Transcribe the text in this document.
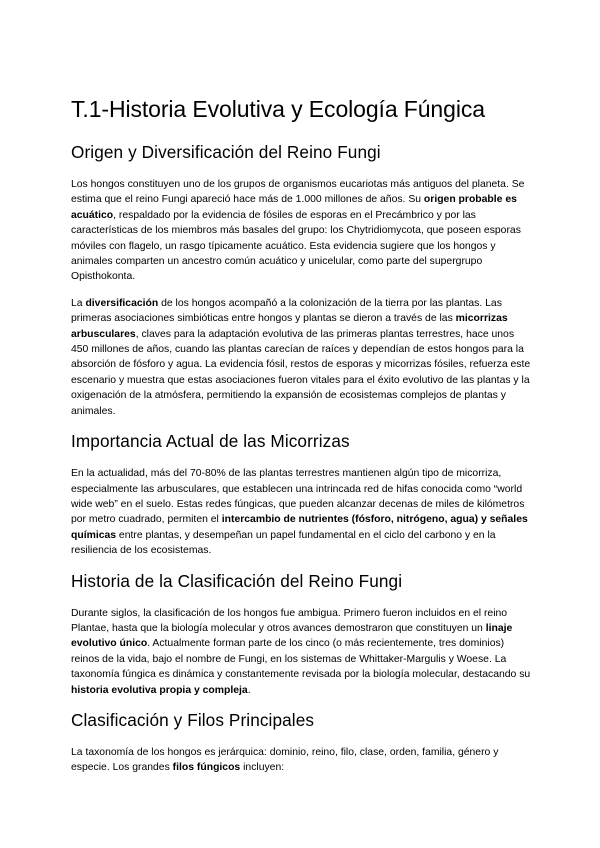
T.1-Historia Evolutiva y Ecología Fúngica
Origen y Diversificación del Reino Fungi

Los hongos constituyen uno de los grupos de organismos eucariotas más antiguos del planeta. Se estima que el reino Fungi apareció hace más de 1.000 millones de años. Su origen probable es acuático, respaldado por la evidencia de fósiles de esporas en el Precámbrico y por las características de los miembros más basales del grupo: los Chytridiomycota, que poseen esporas móviles con flagelo, un rasgo típicamente acuático. Esta evidencia sugiere que los hongos y animales comparten un ancestro común acuático y unicelular, como parte del supergrupo Opisthokonta.

La diversificación de los hongos acompañó a la colonización de la tierra por las plantas. Las primeras asociaciones simbióticas entre hongos y plantas se dieron a través de las micorrizas arbusculares, claves para la adaptación evolutiva de las primeras plantas terrestres, hace unos 450 millones de años, cuando las plantas carecían de raíces y dependían de estos hongos para la absorción de fósforo y agua. La evidencia fósil, restos de esporas y micorrizas fósiles, refuerza este escenario y muestra que estas asociaciones fueron vitales para el éxito evolutivo de las plantas y la oxigenación de la atmósfera, permitiendo la expansión de ecosistemas complejos de plantas y animales.

Importancia Actual de las Micorrizas

En la actualidad, más del 70-80% de las plantas terrestres mantienen algún tipo de micorriza, especialmente las arbusculares, que establecen una intrincada red de hifas conocida como “world wide web” en el suelo. Estas redes fúngicas, que pueden alcanzar decenas de miles de kilómetros por metro cuadrado, permiten el intercambio de nutrientes (fósforo, nitrógeno, agua) y señales químicas entre plantas, y desempeñan un papel fundamental en el ciclo del carbono y en la resiliencia de los ecosistemas.

Historia de la Clasificación del Reino Fungi

Durante siglos, la clasificación de los hongos fue ambigua. Primero fueron incluidos en el reino Plantae, hasta que la biología molecular y otros avances demostraron que constituyen un linaje evolutivo único. Actualmente forman parte de los cinco (o más recientemente, tres dominios) reinos de la vida, bajo el nombre de Fungi, en los sistemas de Whittaker-Margulis y Woese. La taxonomía fúngica es dinámica y constantemente revisada por la biología molecular, destacando su historia evolutiva propia y compleja.

Clasificación y Filos Principales

La taxonomía de los hongos es jerárquica: dominio, reino, filo, clase, orden, familia, género y especie. Los grandes filos fúngicos incluyen:
